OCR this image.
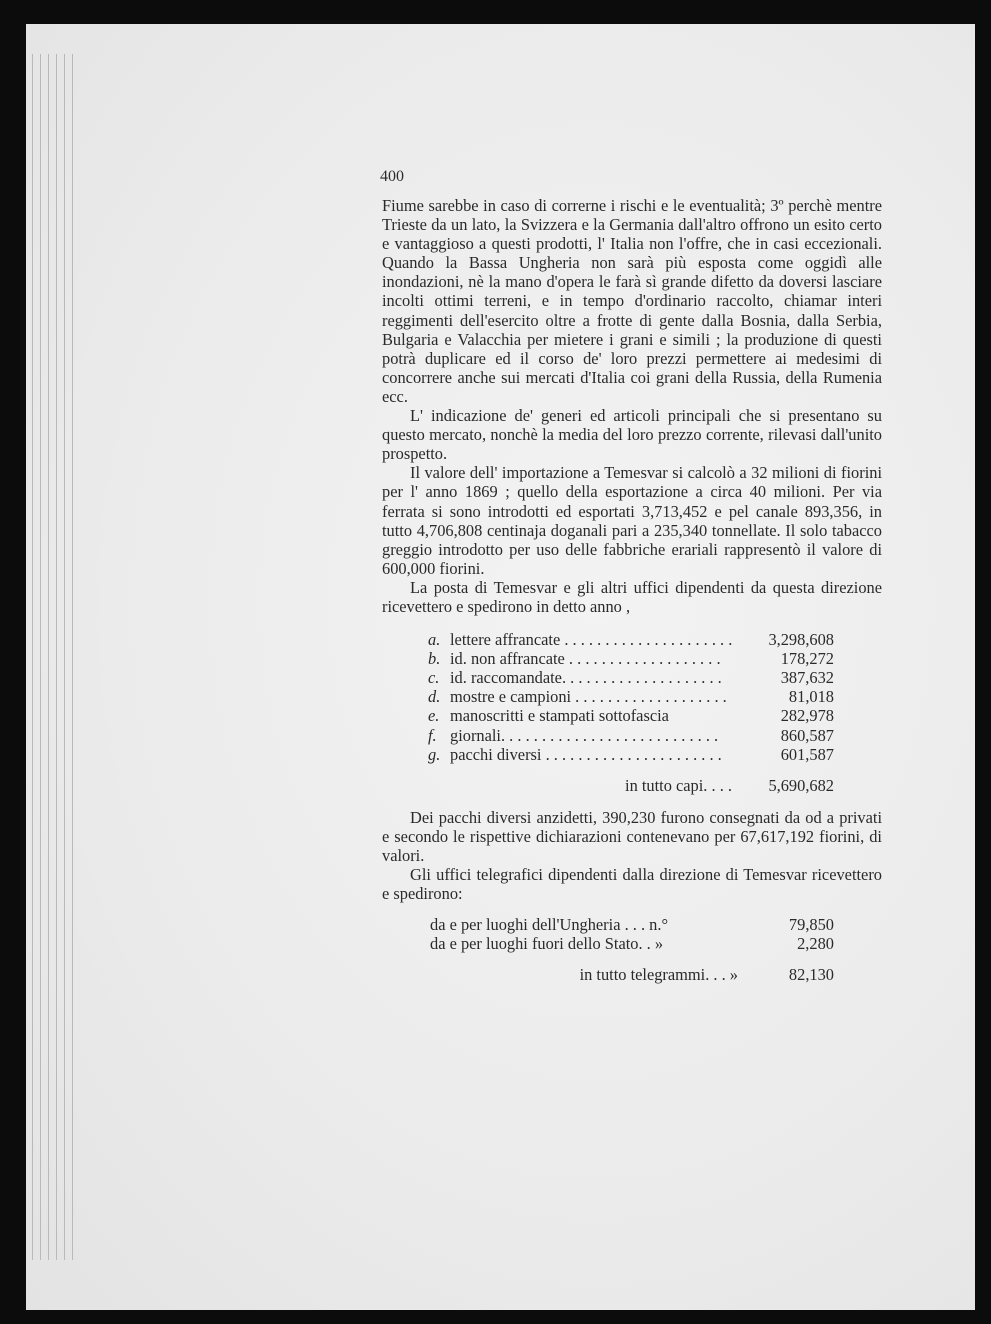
400

Fiume sarebbe in caso di correrne i rischi e le eventualità; 3º perchè mentre Trieste da un lato, la Svizzera e la Germania dall'altro offrono un esito certo e vantaggioso a questi prodotti, l' Italia non l'offre, che in casi eccezionali. Quando la Bassa Ungheria non sarà più esposta come oggidì alle inondazioni, nè la mano d'opera le farà sì grande difetto da doversi lasciare incolti ottimi terreni, e in tempo d'ordinario raccolto, chiamar interi reggimenti dell'esercito oltre a frotte di gente dalla Bosnia, dalla Serbia, Bulgaria e Valacchia per mietere i grani e simili ; la produzione di questi potrà duplicare ed il corso de' loro prezzi permettere ai medesimi di concorrere anche sui mercati d'Italia coi grani della Russia, della Rumenia ecc.

L' indicazione de' generi ed articoli principali che si presentano su questo mercato, nonchè la media del loro prezzo corrente, rilevasi dall'unito prospetto.

Il valore dell' importazione a Temesvar si calcolò a 32 milioni di fiorini per l' anno 1869 ; quello della esportazione a circa 40 milioni. Per via ferrata si sono introdotti ed esportati 3,713,452 e pel canale 893,356, in tutto 4,706,808 centinaja doganali pari a 235,340 tonnellate. Il solo tabacco greggio introdotto per uso delle fabbriche erariali rappresentò il valore di 600,000 fiorini.

La posta di Temesvar e gli altri uffici dipendenti da questa direzione ricevettero e spedirono in detto anno ,

a. lettere affrancate . . . . . . . . . . . . . . . . . . . . .	3,298,608
b. id. non affrancate . . . . . . . . . . . . . . . . . . .	178,272
c. id. raccomandate. . . . . . . . . . . . . . . . . . . .	387,632
d. mostre e campioni . . . . . . . . . . . . . . . . . . .	81,018
e. manoscritti e stampati sottofascia	282,978
f. giornali. . . . . . . . . . . . . . . . . . . . . . . . . . .	860,587
g. pacchi diversi . . . . . . . . . . . . . . . . . . . . . .	601,587
in tutto capi. . . .	5,690,682

Dei pacchi diversi anzidetti, 390,230 furono consegnati da od a privati e secondo le rispettive dichiarazioni contenevano per 67,617,192 fiorini, di valori.

Gli uffici telegrafici dipendenti dalla direzione di Temesvar ricevettero e spedirono:

da e per luoghi dell'Ungheria . . . n.°	79,850
da e per luoghi fuori dello Stato. . »	2,280
in tutto telegrammi. . . »	82,130
